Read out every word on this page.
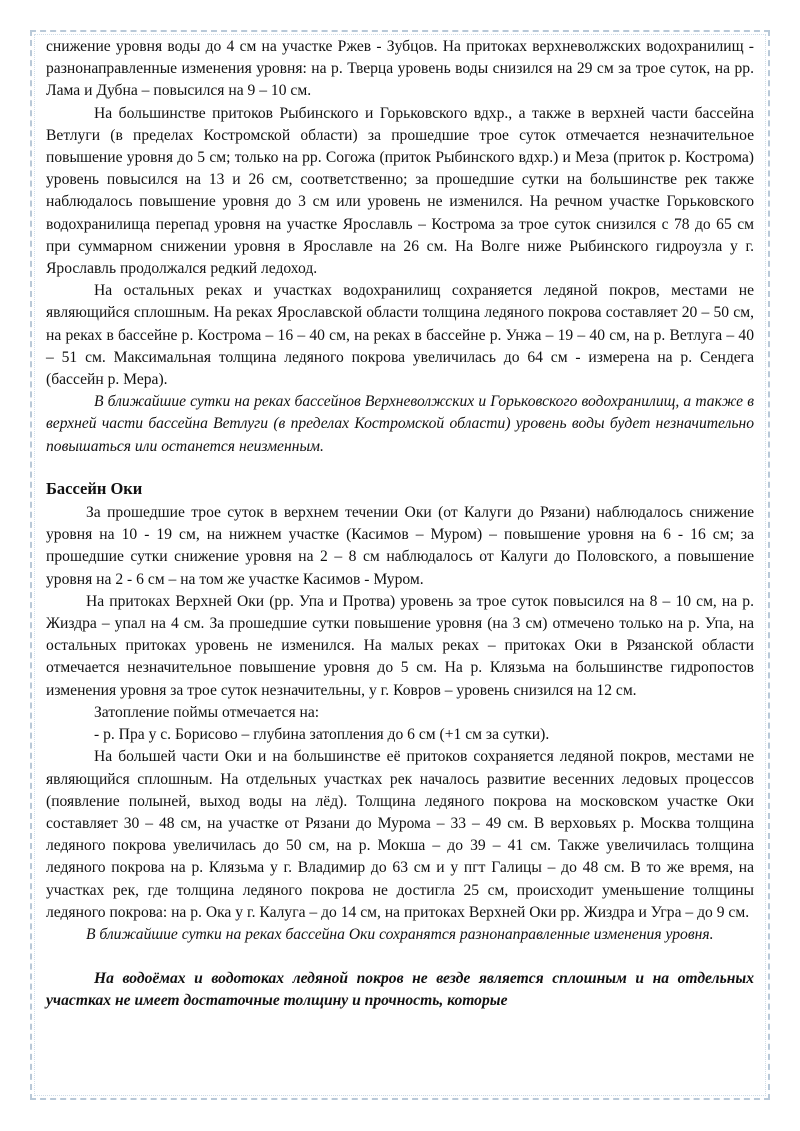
снижение уровня воды до 4 см на участке Ржев - Зубцов. На притоках верхневолжских водохранилищ - разнонаправленные изменения уровня: на р. Тверца уровень воды снизился на 29 см за трое суток, на рр. Лама и Дубна – повысился на 9 – 10 см.

На большинстве притоков Рыбинского и Горьковского вдхр., а также в верхней части бассейна Ветлуги (в пределах Костромской области) за прошедшие трое суток отмечается незначительное повышение уровня до 5 см; только на рр. Согожа (приток Рыбинского вдхр.) и Меза (приток р. Кострома) уровень повысился на 13 и 26 см, соответственно; за прошедшие сутки на большинстве рек также наблюдалось повышение уровня до 3 см или уровень не изменился. На речном участке Горьковского водохранилища перепад уровня на участке Ярославль – Кострома за трое суток снизился с 78 до 65 см при суммарном снижении уровня в Ярославле на 26 см. На Волге ниже Рыбинского гидроузла у г. Ярославль продолжался редкий ледоход.

На остальных реках и участках водохранилищ сохраняется ледяной покров, местами не являющийся сплошным. На реках Ярославской области толщина ледяного покрова составляет 20 – 50 см, на реках в бассейне р. Кострома – 16 – 40 см, на реках в бассейне р. Унжа – 19 – 40 см, на р. Ветлуга – 40 – 51 см. Максимальная толщина ледяного покрова увеличилась до 64 см - измерена на р. Сендега (бассейн р. Мера).

В ближайшие сутки на реках бассейнов Верхневолжских и Горьковского водохранилищ, а также в верхней части бассейна Ветлуги (в пределах Костромской области) уровень воды будет незначительно повышаться или останется неизменным.

Бассейн Оки

За прошедшие трое суток в верхнем течении Оки (от Калуги до Рязани) наблюдалось снижение уровня на 10 - 19 см, на нижнем участке (Касимов – Муром) – повышение уровня на 6 - 16 см; за прошедшие сутки снижение уровня на 2 – 8 см наблюдалось от Калуги до Половского, а повышение уровня на 2 - 6 см – на том же участке Касимов - Муром.

На притоках Верхней Оки (рр. Упа и Протва) уровень за трое суток повысился на 8 – 10 см, на р. Жиздра – упал на 4 см. За прошедшие сутки повышение уровня (на 3 см) отмечено только на р. Упа, на остальных притоках уровень не изменился. На малых реках – притоках Оки в Рязанской области отмечается незначительное повышение уровня до 5 см. На р. Клязьма на большинстве гидропостов изменения уровня за трое суток незначительны, у г. Ковров – уровень снизился на 12 см.

Затопление поймы отмечается на:

- р. Пра у с. Борисово – глубина затопления до 6 см (+1 см за сутки).

На большей части Оки и на большинстве её притоков сохраняется ледяной покров, местами не являющийся сплошным. На отдельных участках рек началось развитие весенних ледовых процессов (появление полыней, выход воды на лёд). Толщина ледяного покрова на московском участке Оки составляет 30 – 48 см, на участке от Рязани до Мурома – 33 – 49 см. В верховьях р. Москва толщина ледяного покрова увеличилась до 50 см, на р. Мокша – до 39 – 41 см. Также увеличилась толщина ледяного покрова на р. Клязьма у г. Владимир до 63 см и у пгт Галицы – до 48 см. В то же время, на участках рек, где толщина ледяного покрова не достигла 25 см, происходит уменьшение толщины ледяного покрова: на р. Ока у г. Калуга – до 14 см, на притоках Верхней Оки рр. Жиздра и Угра – до 9 см.

В ближайшие сутки на реках бассейна Оки сохранятся разнонаправленные изменения уровня.

На водоёмах и водотоках ледяной покров не везде является сплошным и на отдельных участках не имеет достаточные толщину и прочность, которые
